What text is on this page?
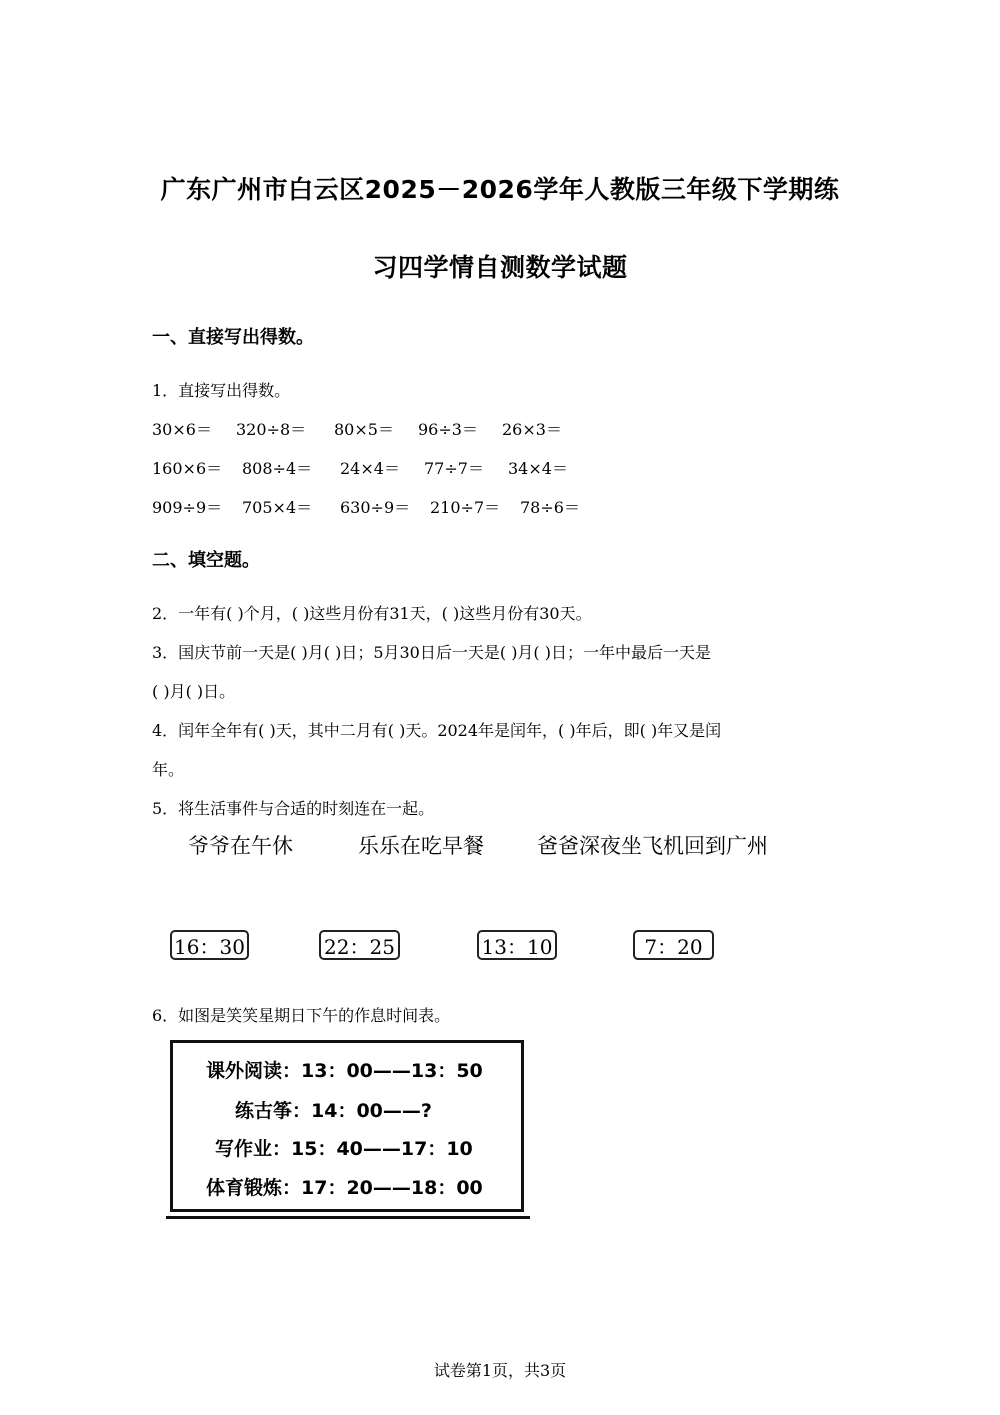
广东广州市白云区2025－2026学年人教版三年级下学期练
习四学情自测数学试题
一、直接写出得数。
1．直接写出得数。
30×6＝ 320÷8＝ 80×5＝ 96÷3＝ 26×3＝
160×6＝ 808÷4＝ 24×4＝ 77÷7＝ 34×4＝
909÷9＝ 705×4＝ 630÷9＝ 210÷7＝ 78÷6＝
二、填空题。
2．一年有( )个月，( )这些月份有31天，( )这些月份有30天。
3．国庆节前一天是( )月( )日；5月30日后一天是( )月( )日；一年中最后一天是
( )月( )日。
4．闰年全年有( )天，其中二月有( )天。2024年是闰年，( )年后，即( )年又是闰
年。
5．将生活事件与合适的时刻连在一起。
爷爷在午休	乐乐在吃早餐	爸爸深夜坐飞机回到广州
16：30	22：25	13：10	7：20
6．如图是笑笑星期日下午的作息时间表。
课外阅读：13：00——13：50
练古筝：14：00——?
写作业：15：40——17：10
体育锻炼：17：20——18：00
试卷第1页，共3页
